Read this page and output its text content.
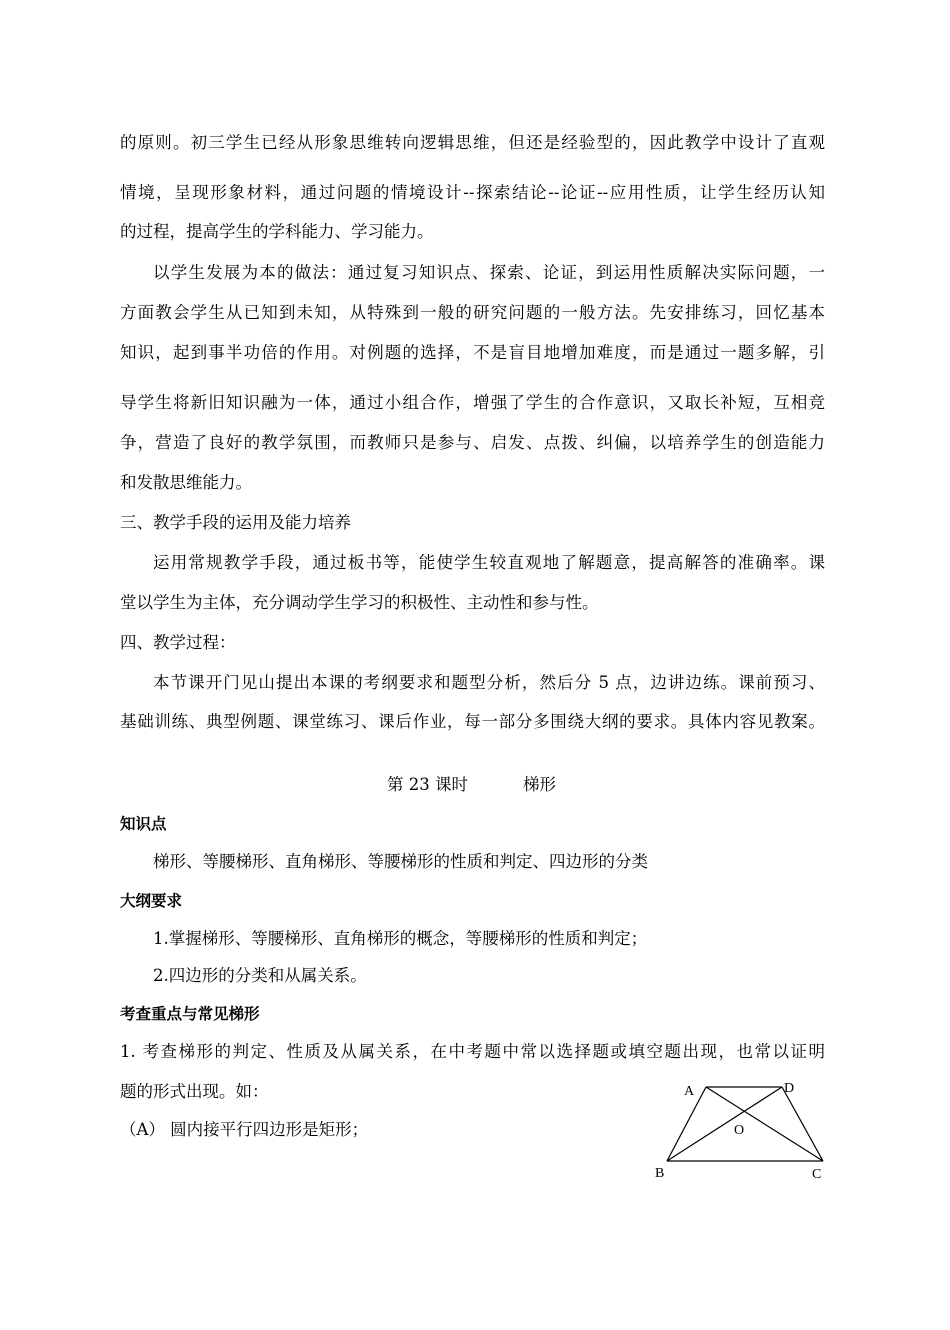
的原则。初三学生已经从形象思维转向逻辑思维，但还是经验型的，因此教学中设计了直观
情境，呈现形象材料，通过问题的情境设计--探索结论--论证--应用性质，让学生经历认知
的过程，提高学生的学科能力、学习能力。
以学生发展为本的做法：通过复习知识点、探索、论证，到运用性质解决实际问题，一
方面教会学生从已知到未知，从特殊到一般的研究问题的一般方法。先安排练习，回忆基本
知识，起到事半功倍的作用。对例题的选择，不是盲目地增加难度，而是通过一题多解，引
导学生将新旧知识融为一体，通过小组合作，增强了学生的合作意识，又取长补短，互相竞
争，营造了良好的教学氛围，而教师只是参与、启发、点拨、纠偏，以培养学生的创造能力
和发散思维能力。
三、教学手段的运用及能力培养
运用常规教学手段，通过板书等，能使学生较直观地了解题意，提高解答的准确率。课
堂以学生为主体，充分调动学生学习的积极性、主动性和参与性。
四、教学过程：
本节课开门见山提出本课的考纲要求和题型分析，然后分 5 点，边讲边练。课前预习、
基础训练、典型例题、课堂练习、课后作业，每一部分多围绕大纲的要求。具体内容见教案。
第 23 课时	梯形
知识点
梯形、等腰梯形、直角梯形、等腰梯形的性质和判定、四边形的分类
大纲要求
1.掌握梯形、等腰梯形、直角梯形的概念，等腰梯形的性质和判定；
2.四边形的分类和从属关系。
考查重点与常见梯形
1. 考查梯形的判定、性质及从属关系，在中考题中常以选择题或填空题出现，也常以证明
题的形式出现。如：
（A） 圆内接平行四边形是矩形；
A	D
O
B	C
